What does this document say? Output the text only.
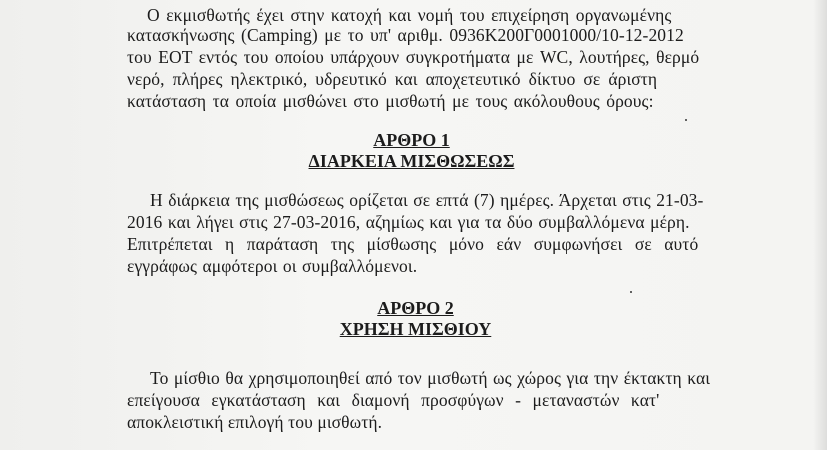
Ο εκμισθωτής έχει στην κατοχή και νομή του επιχείρηση οργανωμένης
κατασκήνωσης (Camping) με το υπ' αριθμ. 0936Κ200Γ0001000/10-12-2012
του ΕΟΤ εντός του οποίου υπάρχουν συγκροτήματα με WC, λουτήρες, θερμό
νερό, πλήρες ηλεκτρικό, υδρευτικό και αποχετευτικό δίκτυο σε άριστη
κατάσταση τα οποία μισθώνει στο μισθωτή με τους ακόλουθους όρους:
ΑΡΘΡΟ 1
ΔΙΑΡΚΕΙΑ ΜΙΣΘΩΣΕΩΣ
Η διάρκεια της μισθώσεως ορίζεται σε επτά (7) ημέρες. Άρχεται στις 21-03-
2016 και λήγει στις 27-03-2016, αζημίως και για τα δύο συμβαλλόμενα μέρη.
Επιτρέπεται η παράταση της μίσθωσης μόνο εάν συμφωνήσει σε αυτό
εγγράφως αμφότεροι οι συμβαλλόμενοι.
ΑΡΘΡΟ 2
ΧΡΗΣΗ ΜΙΣΘΙΟΥ
Το μίσθιο θα χρησιμοποιηθεί από τον μισθωτή ως χώρος για την έκτακτη και
επείγουσα εγκατάσταση και διαμονή προσφύγων - μεταναστών κατ'
αποκλειστική επιλογή του μισθωτή.
